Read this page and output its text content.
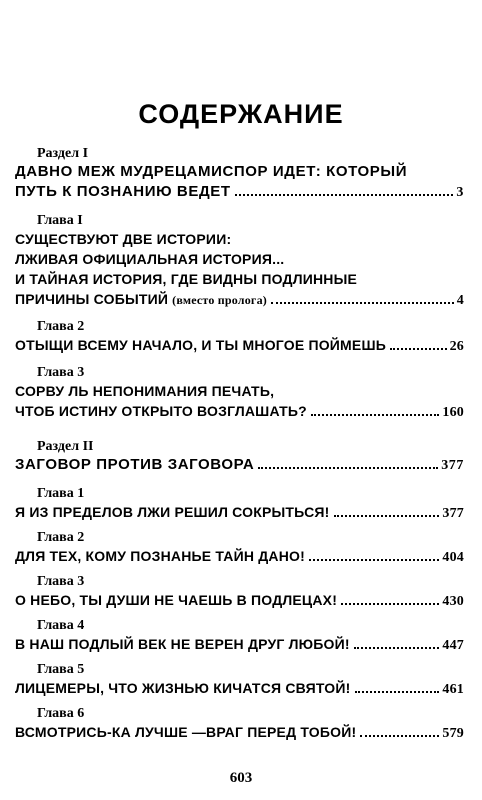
СОДЕРЖАНИЕ
Раздел I
ДАВНО МЕЖ МУДРЕЦАМИСПОР ИДЕТ: КОТОРЫЙ
ПУТЬ К ПОЗНАНИЮ ВЕДЕТ	3
Глава I
СУЩЕСТВУЮТ ДВЕ ИСТОРИИ:
ЛЖИВАЯ ОФИЦИАЛЬНАЯ ИСТОРИЯ...
И ТАЙНАЯ ИСТОРИЯ, ГДЕ ВИДНЫ ПОДЛИННЫЕ
ПРИЧИНЫ СОБЫТИЙ (вместо пролога)	4
Глава 2
ОТЫЩИ ВСЕМУ НАЧАЛО, И ТЫ МНОГОЕ ПОЙМЕШЬ	26
Глава 3
СОРВУ ЛЬ НЕПОНИМАНИЯ ПЕЧАТЬ,
ЧТОБ ИСТИНУ ОТКРЫТО ВОЗГЛАШАТЬ?	160
Раздел II
ЗАГОВОР ПРОТИВ ЗАГОВОРА	377
Глава 1
Я ИЗ ПРЕДЕЛОВ ЛЖИ РЕШИЛ СОКРЫТЬСЯ!	377
Глава 2
ДЛЯ ТЕХ, КОМУ ПОЗНАНЬЕ ТАЙН ДАНО!	404
Глава 3
О НЕБО, ТЫ ДУШИ НЕ ЧАЕШЬ В ПОДЛЕЦАХ!	430
Глава 4
В НАШ ПОДЛЫЙ ВЕК НЕ ВЕРЕН ДРУГ ЛЮБОЙ!	447
Глава 5
ЛИЦЕМЕРЫ, ЧТО ЖИЗНЬЮ КИЧАТСЯ СВЯТОЙ!	461
Глава 6
ВСМОТРИСЬ-КА ЛУЧШЕ —ВРАГ ПЕРЕД ТОБОЙ!	579
603
